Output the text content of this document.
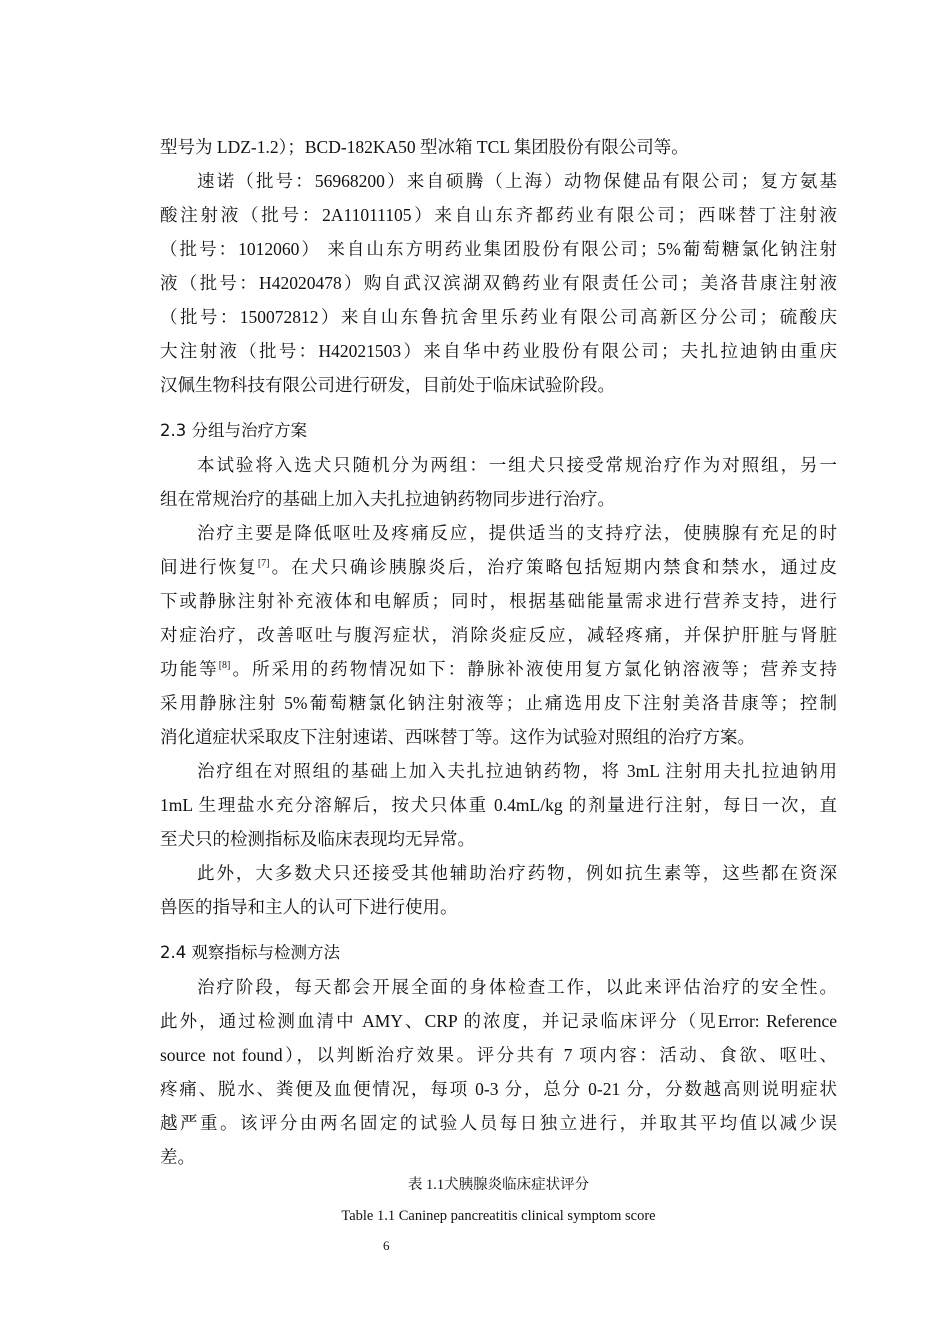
型号为 LDZ-1.2）；BCD-182KA50 型冰箱 TCL 集团股份有限公司等。
速诺（批号：56968200）来自硕腾（上海）动物保健品有限公司；复方氨基
酸注射液（批号：2A11011105）来自山东齐都药业有限公司；西咪替丁注射液
（批号：1012060） 来自山东方明药业集团股份有限公司；5%葡萄糖氯化钠注射
液（批号：H42020478）购自武汉滨湖双鹤药业有限责任公司；美洛昔康注射液
（批号：150072812）来自山东鲁抗舍里乐药业有限公司高新区分公司；硫酸庆
大注射液（批号：H42021503）来自华中药业股份有限公司；夫扎拉迪钠由重庆
汉佩生物科技有限公司进行研发，目前处于临床试验阶段。
2.3 分组与治疗方案
本试验将入选犬只随机分为两组：一组犬只接受常规治疗作为对照组，另一
组在常规治疗的基础上加入夫扎拉迪钠药物同步进行治疗。
治疗主要是降低呕吐及疼痛反应，提供适当的支持疗法，使胰腺有充足的时
间进行恢复[7]。在犬只确诊胰腺炎后，治疗策略包括短期内禁食和禁水，通过皮
下或静脉注射补充液体和电解质；同时，根据基础能量需求进行营养支持，进行
对症治疗，改善呕吐与腹泻症状，消除炎症反应，减轻疼痛，并保护肝脏与肾脏
功能等[8]。所采用的药物情况如下：静脉补液使用复方氯化钠溶液等；营养支持
采用静脉注射 5%葡萄糖氯化钠注射液等；止痛选用皮下注射美洛昔康等；控制
消化道症状采取皮下注射速诺、西咪替丁等。这作为试验对照组的治疗方案。
治疗组在对照组的基础上加入夫扎拉迪钠药物，将 3mL 注射用夫扎拉迪钠用
1mL 生理盐水充分溶解后，按犬只体重 0.4mL/kg 的剂量进行注射，每日一次，直
至犬只的检测指标及临床表现均无异常。
此外，大多数犬只还接受其他辅助治疗药物，例如抗生素等，这些都在资深
兽医的指导和主人的认可下进行使用。
2.4 观察指标与检测方法
治疗阶段，每天都会开展全面的身体检查工作，以此来评估治疗的安全性。
此外，通过检测血清中 AMY、CRP 的浓度，并记录临床评分（见Error: Reference
source not found），以判断治疗效果。评分共有 7 项内容：活动、食欲、呕吐、
疼痛、脱水、粪便及血便情况，每项 0-3 分，总分 0-21 分，分数越高则说明症状
越严重。该评分由两名固定的试验人员每日独立进行，并取其平均值以减少误
差。
表 1.1犬胰腺炎临床症状评分
Table 1.1 Caninep pancreatitis clinical symptom score
6
